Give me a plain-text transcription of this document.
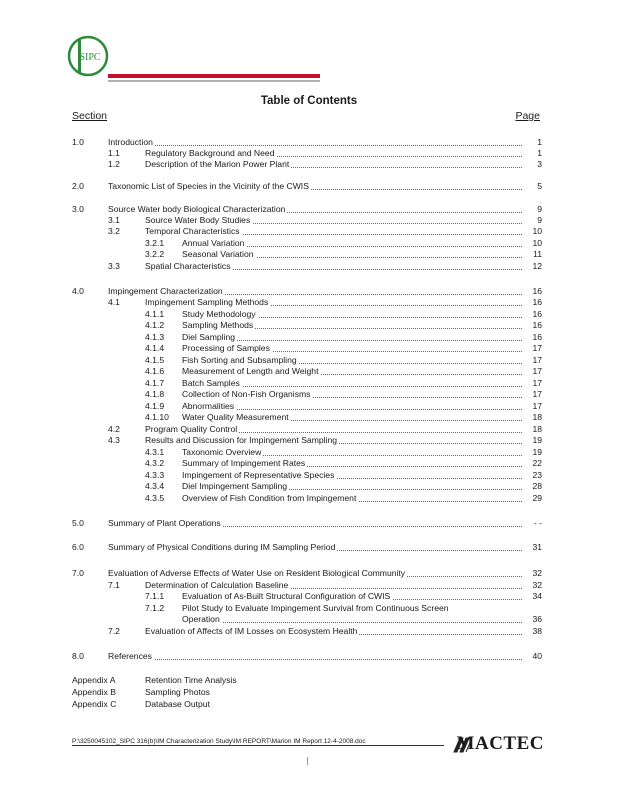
SIPC
Table of Contents
Section	Page
1.0	Introduction	1
1.1	Regulatory Background and Need	1
1.2	Description of the Marion Power Plant	3
2.0	Taxonomic List of Species in the Vicinity of the CWIS	5
3.0	Source Water body Biological Characterization	9
3.1	Source Water Body Studies	9
3.2	Temporal Characteristics	10
3.2.1 Annual Variation	10
3.2.2 Seasonal Variation	11
3.3	Spatial Characteristics	12
4.0	Impingement Characterization	16
4.1	Impingement Sampling Methods	16
4.1.1 Study Methodology	16
4.1.2 Sampling Methods	16
4.1.3 Diel Sampling	16
4.1.4 Processing of Samples	17
4.1.5 Fish Sorting and Subsampling	17
4.1.6 Measurement of Length and Weight	17
4.1.7 Batch Samples	17
4.1.8 Collection of Non-Fish Organisms	17
4.1.9 Abnormalities	17
4.1.10 Water Quality Measurement	18
4.2	Program Quality Control	18
4.3	Results and Discussion for Impingement Sampling	19
4.3.1 Taxonomic Overview	19
4.3.2 Summary of Impingement Rates	22
4.3.3 Impingement of Representative Species	23
4.3.4 Diel Impingement Sampling	28
4.3.5 Overview of Fish Condition from Impingement	29
5.0	Summary of Plant Operations	- -
6.0	Summary of Physical Conditions during IM Sampling Period	31
7.0	Evaluation of Adverse Effects of Water Use on Resident Biological Community	32
7.1	Determination of Calculation Baseline	32
7.1.1 Evaluation of As-Built Structural Configuration of CWIS	34
7.1.2 Pilot Study to Evaluate Impingement Survival from Continuous Screen
Operation	36
7.2	Evaluation of Affects of IM Losses on Ecosystem Health	38
8.0	References	40
Appendix A	Retention Time Analysis
Appendix B	Sampling Photos
Appendix C	Database Output
P:\3250045102_SIPC 316(b)\IM Characterization Study\IM REPORT\Marion IM Report 12-4-2008.doc	MACTEC
